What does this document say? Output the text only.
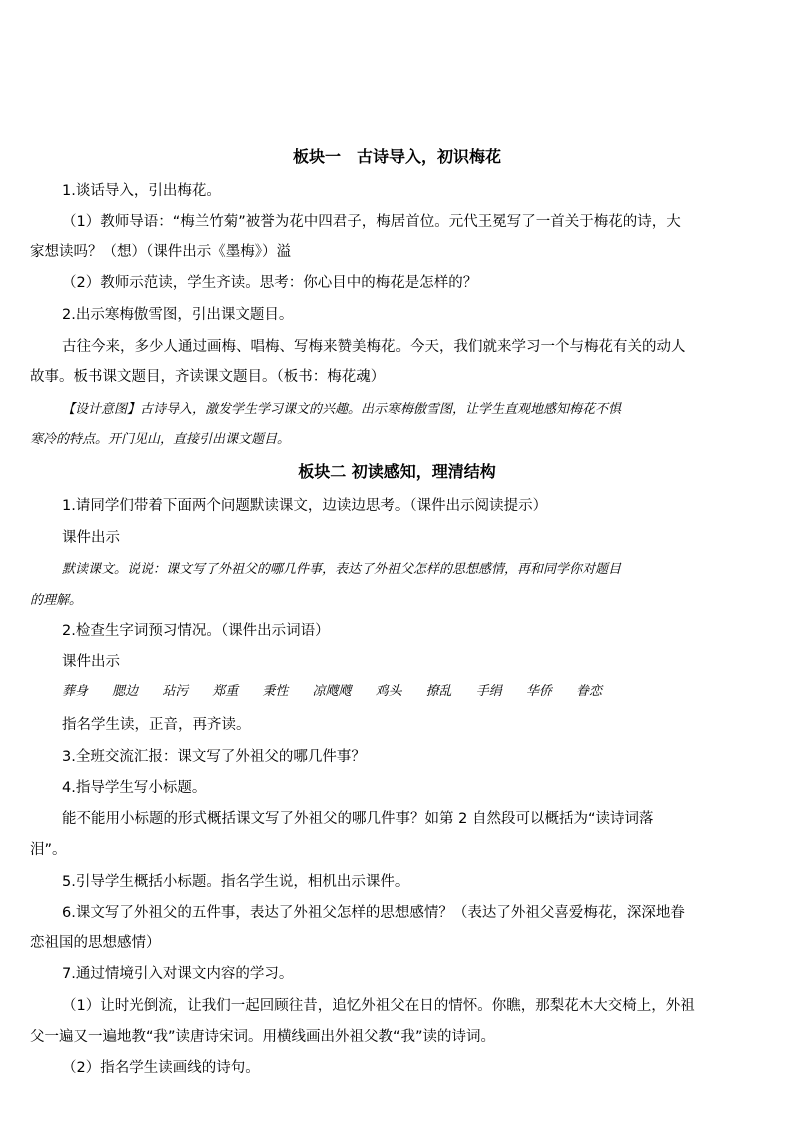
板块一　古诗导入，初识梅花
1.谈话导入，引出梅花。
（1）教师导语：“梅兰竹菊”被誉为花中四君子，梅居首位。元代王冕写了一首关于梅花的诗，大
家想读吗？（想）（课件出示《墨梅》）溢
（2）教师示范读，学生齐读。思考：你心目中的梅花是怎样的？
2.出示寒梅傲雪图，引出课文题目。
古往今来，多少人通过画梅、唱梅、写梅来赞美梅花。今天，我们就来学习一个与梅花有关的动人
故事。板书课文题目，齐读课文题目。（板书：梅花魂）
【设计意图】古诗导入，激发学生学习课文的兴趣。出示寒梅傲雪图，让学生直观地感知梅花不惧
寒冷的特点。开门见山，直接引出课文题目。
板块二 初读感知，理清结构
1.请同学们带着下面两个问题默读课文，边读边思考。（课件出示阅读提示）
课件出示
默读课文。说说：课文写了外祖父的哪几件事，表达了外祖父怎样的思想感情，再和同学你对题目
的理解。
2.检查生字词预习情况。（课件出示词语）
课件出示
葬身 腮边 玷污 郑重 秉性 凉飕飕 鸡头 撩乱 手绢 华侨 眷恋
指名学生读，正音，再齐读。
3.全班交流汇报：课文写了外祖父的哪几件事？
4.指导学生写小标题。
能不能用小标题的形式概括课文写了外祖父的哪几件事？如第 2 自然段可以概括为“读诗词落
泪”。
5.引导学生概括小标题。指名学生说，相机出示课件。
6.课文写了外祖父的五件事，表达了外祖父怎样的思想感情？（表达了外祖父喜爱梅花，深深地眷
恋祖国的思想感情）
7.通过情境引入对课文内容的学习。
（1）让时光倒流，让我们一起回顾往昔，追忆外祖父在日的情怀。你瞧，那梨花木大交椅上，外祖
父一遍又一遍地教“我”读唐诗宋词。用横线画出外祖父教“我”读的诗词。
（2）指名学生读画线的诗句。
